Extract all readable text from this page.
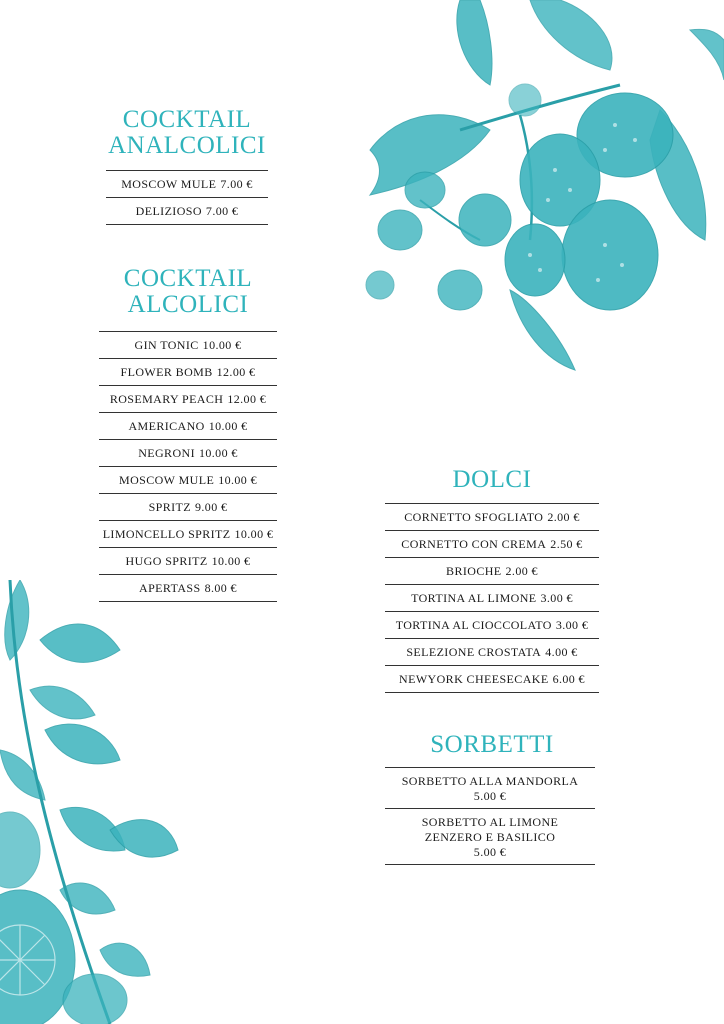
COCKTAIL
ANALCOLICI
MOSCOW MULE 7.00 €
DELIZIOSO 7.00 €
COCKTAIL
ALCOLICI
GIN TONIC 10.00 €
FLOWER BOMB 12.00 €
ROSEMARY PEACH 12.00 €
AMERICANO 10.00 €
NEGRONI 10.00 €
MOSCOW MULE 10.00 €
SPRITZ 9.00 €
LIMONCELLO SPRITZ 10.00 €
HUGO SPRITZ 10.00 €
APERTASS 8.00 €
DOLCI
CORNETTO SFOGLIATO 2.00 €
CORNETTO CON CREMA 2.50 €
BRIOCHE 2.00 €
TORTINA AL LIMONE 3.00 €
TORTINA AL CIOCCOLATO 3.00 €
SELEZIONE CROSTATA 4.00 €
NEWYORK CHEESECAKE 6.00 €
SORBETTI
SORBETTO ALLA MANDORLA
5.00 €
SORBETTO AL LIMONE
ZENZERO E BASILICO
5.00 €
